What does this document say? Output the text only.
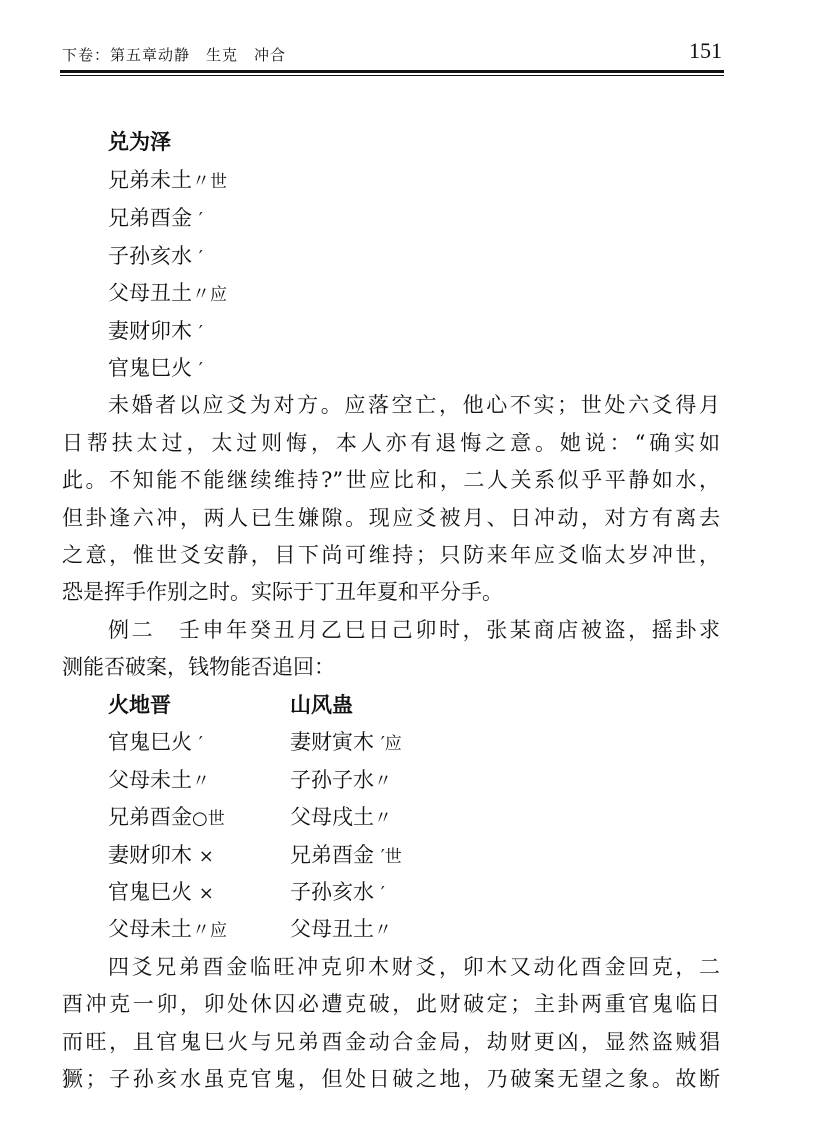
下卷：第五章动静　生克　冲合	151
兑为泽
兄弟未土〃世
兄弟酉金 ′
子孙亥水 ′
父母丑土〃应
妻财卯木 ′
官鬼巳火 ′
未婚者以应爻为对方。应落空亡，他心不实；世处六爻得月
日帮扶太过，太过则悔，本人亦有退悔之意。她说：“确实如
此。不知能不能继续维持?”世应比和，二人关系似乎平静如水，
但卦逢六冲，两人已生嫌隙。现应爻被月、日冲动，对方有离去
之意，惟世爻安静，目下尚可维持；只防来年应爻临太岁冲世，
恐是挥手作别之时。实际于丁丑年夏和平分手。
例二　壬申年癸丑月乙巳日己卯时，张某商店被盗，摇卦求
测能否破案，钱物能否追回：
火地晋	山风蛊
官鬼巳火 ′
父母未土〃
兄弟酉金○世
妻财卯木 ×
官鬼巳火 ×
父母未土〃应
妻财寅木 ′应
子孙子水〃
父母戌土〃
兄弟酉金 ′世
子孙亥水 ′
父母丑土〃
四爻兄弟酉金临旺冲克卯木财爻，卯木又动化酉金回克，二
酉冲克一卯，卯处休囚必遭克破，此财破定；主卦两重官鬼临日
而旺，且官鬼巳火与兄弟酉金动合金局，劫财更凶，显然盗贼猖
獗；子孙亥水虽克官鬼，但处日破之地，乃破案无望之象。故断
